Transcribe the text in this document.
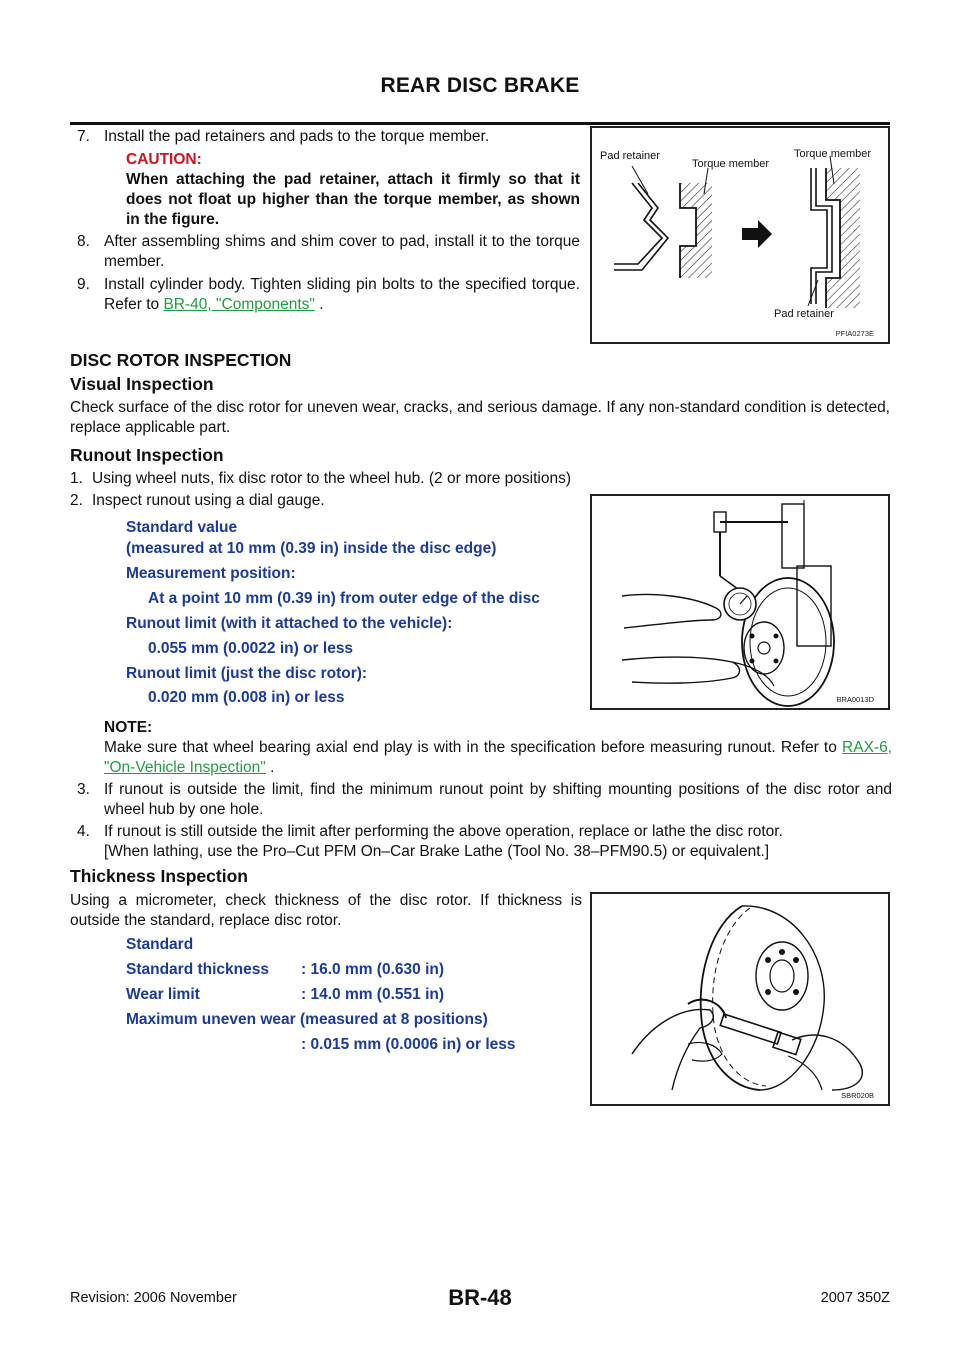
REAR DISC BRAKE
7. Install the pad retainers and pads to the torque member.
CAUTION:
When attaching the pad retainer, attach it firmly so that it does not float up higher than the torque member, as shown in the figure.
8. After assembling shims and shim cover to pad, install it to the torque member.
9. Install cylinder body. Tighten sliding pin bolts to the specified torque. Refer to BR-40, "Components" .
Pad retainer
Torque member
Torque member
Pad retainer
PFIA0273E
DISC ROTOR INSPECTION
Visual Inspection
Check surface of the disc rotor for uneven wear, cracks, and serious damage. If any non-standard condition is detected, replace applicable part.
Runout Inspection
1. Using wheel nuts, fix disc rotor to the wheel hub. (2 or more positions)
2. Inspect runout using a dial gauge.
Standard value
(measured at 10 mm (0.39 in) inside the disc edge)
Measurement position:
At a point 10 mm (0.39 in) from outer edge of the disc
Runout limit (with it attached to the vehicle):
0.055 mm (0.0022 in) or less
Runout limit (just the disc rotor):
0.020 mm (0.008 in) or less	BRA0013D
NOTE:
Make sure that wheel bearing axial end play is with in the specification before measuring runout. Refer to RAX-6, "On-Vehicle Inspection" .
3. If runout is outside the limit, find the minimum runout point by shifting mounting positions of the disc rotor and wheel hub by one hole.
4. If runout is still outside the limit after performing the above operation, replace or lathe the disc rotor.
[When lathing, use the Pro–Cut PFM On–Car Brake Lathe (Tool No. 38–PFM90.5) or equivalent.]
Thickness Inspection
Using a micrometer, check thickness of the disc rotor. If thickness is outside the standard, replace disc rotor.
Standard
Standard thickness : 16.0 mm (0.630 in)
Wear limit	: 14.0 mm (0.551 in)
Maximum uneven wear (measured at 8 positions)
: 0.015 mm (0.0006 in) or less
SBR020B
Revision: 2006 November	BR-48	2007 350Z
